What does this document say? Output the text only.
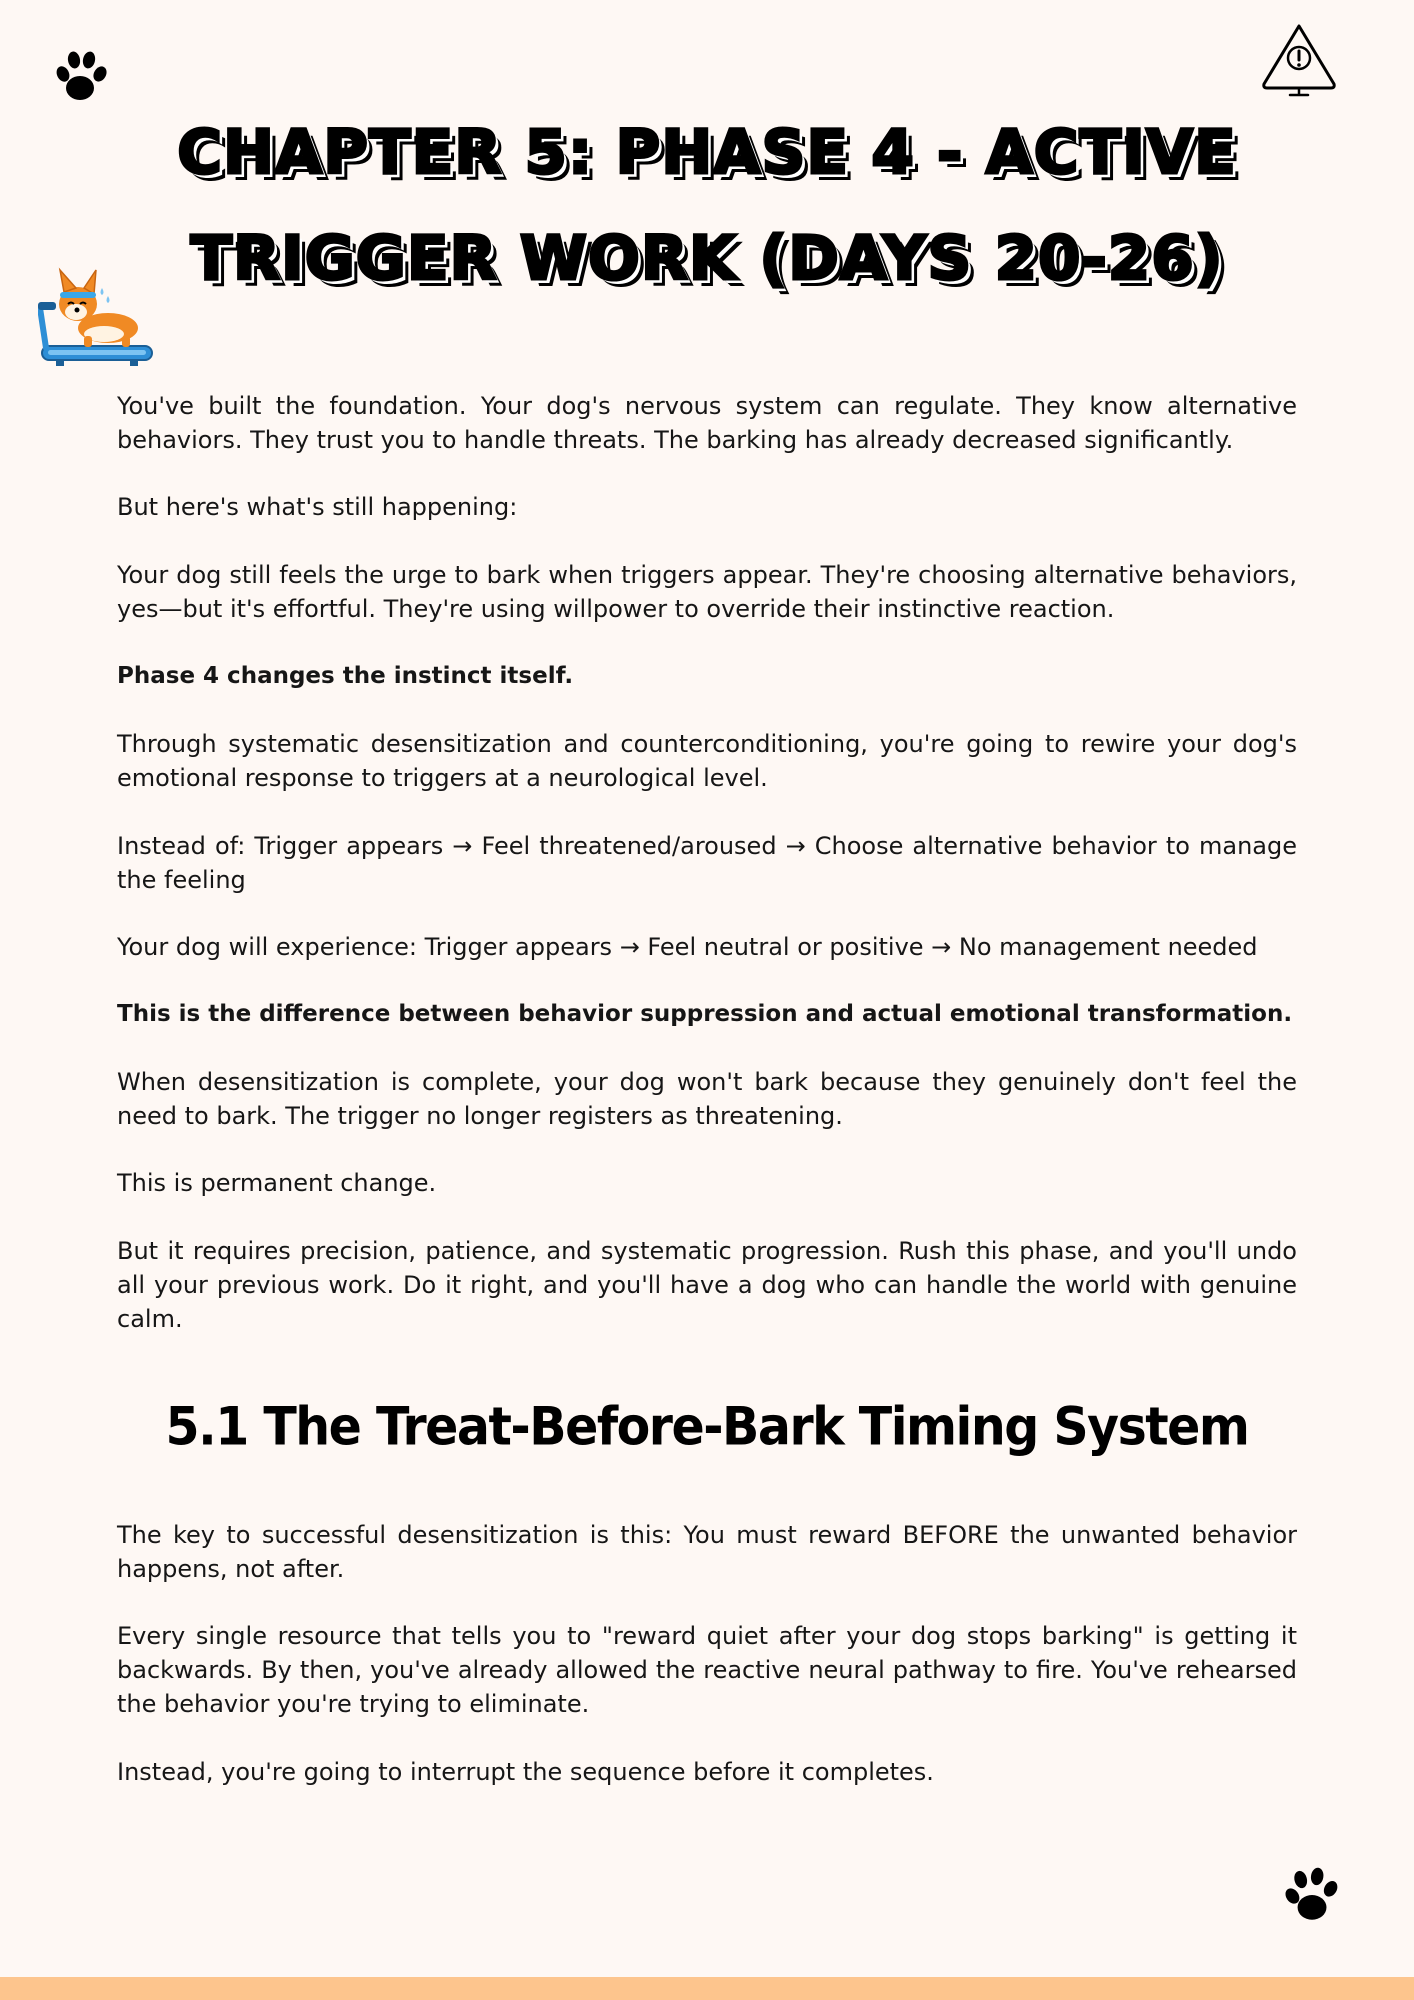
CHAPTER 5: PHASE 4 - ACTIVE TRIGGER WORK (DAYS 20-26)

You've built the foundation. Your dog's nervous system can regulate. They know alternative behaviors. They trust you to handle threats. The barking has already decreased significantly.

But here's what's still happening:

Your dog still feels the urge to bark when triggers appear. They're choosing alternative behaviors, yes—but it's effortful. They're using willpower to override their instinctive reaction.

Phase 4 changes the instinct itself.

Through systematic desensitization and counterconditioning, you're going to rewire your dog's emotional response to triggers at a neurological level.

Instead of: Trigger appears → Feel threatened/aroused → Choose alternative behavior to manage the feeling

Your dog will experience: Trigger appears → Feel neutral or positive → No management needed

This is the difference between behavior suppression and actual emotional transformation.

When desensitization is complete, your dog won't bark because they genuinely don't feel the need to bark. The trigger no longer registers as threatening.

This is permanent change.

But it requires precision, patience, and systematic progression. Rush this phase, and you'll undo all your previous work. Do it right, and you'll have a dog who can handle the world with genuine calm.

5.1 The Treat-Before-Bark Timing System

The key to successful desensitization is this: You must reward BEFORE the unwanted behavior happens, not after.

Every single resource that tells you to "reward quiet after your dog stops barking" is getting it backwards. By then, you've already allowed the reactive neural pathway to fire. You've rehearsed the behavior you're trying to eliminate.

Instead, you're going to interrupt the sequence before it completes.
